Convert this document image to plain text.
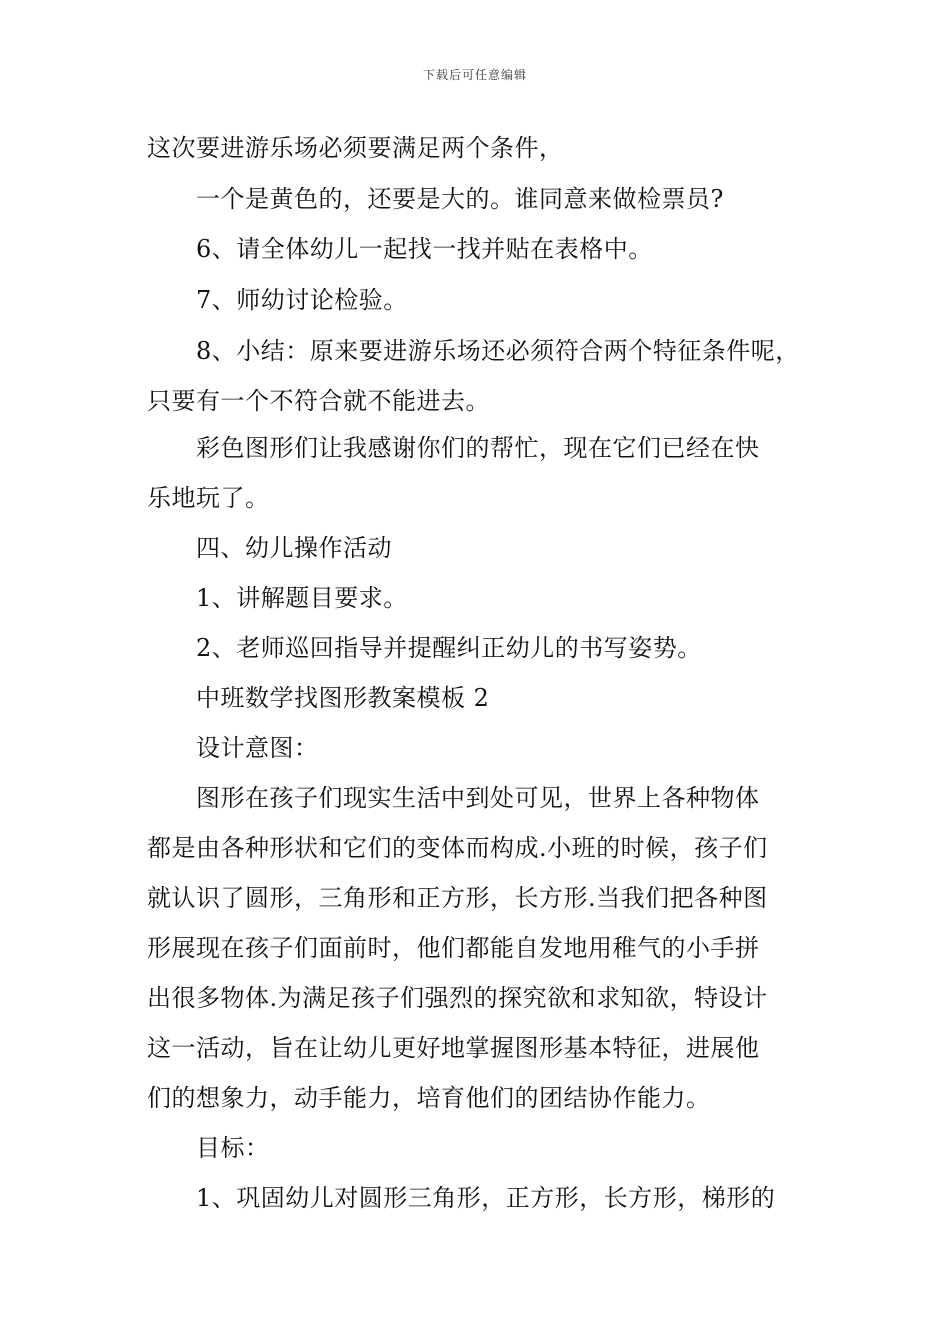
下载后可任意编辑
这次要进游乐场必须要满足两个条件，
一个是黄色的，还要是大的。谁同意来做检票员?
6、请全体幼儿一起找一找并贴在表格中。
7、师幼讨论检验。
8、小结：原来要进游乐场还必须符合两个特征条件呢，
只要有一个不符合就不能进去。
彩色图形们让我感谢你们的帮忙，现在它们已经在快
乐地玩了。
四、幼儿操作活动
1、讲解题目要求。
2、老师巡回指导并提醒纠正幼儿的书写姿势。
中班数学找图形教案模板 2
设计意图：
图形在孩子们现实生活中到处可见，世界上各种物体
都是由各种形状和它们的变体而构成.小班的时候，孩子们
就认识了圆形，三角形和正方形，长方形.当我们把各种图
形展现在孩子们面前时，他们都能自发地用稚气的小手拼
出很多物体.为满足孩子们强烈的探究欲和求知欲，特设计
这一活动，旨在让幼儿更好地掌握图形基本特征，进展他
们的想象力，动手能力，培育他们的团结协作能力。
目标：
1、巩固幼儿对圆形三角形，正方形，长方形，梯形的
